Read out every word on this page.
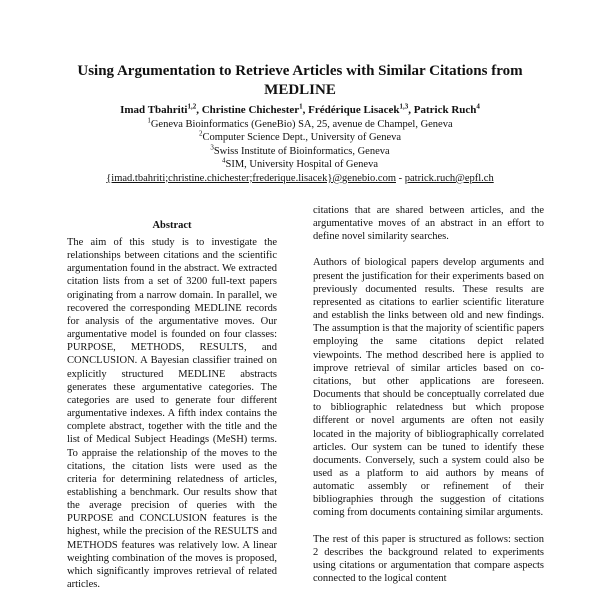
Using Argumentation to Retrieve Articles with Similar Citations from MEDLINE
Imad Tbahriti$^{1,2}$, Christine Chichester$^1$, Frédérique Lisacek$^{1,3}$, Patrick Ruch$^4$
$^1$Geneva Bioinformatics (GeneBio) SA, 25, avenue de Champel, Geneva
$^2$Computer Science Dept., University of Geneva
$^3$Swiss Institute of Bioinformatics, Geneva
$^4$SIM, University Hospital of Geneva
{imad.tbahriti;christine.chichester;frederique.lisacek}@genebio.com - patrick.ruch@epfl.ch
Abstract

The aim of this study is to investigate the relationships between citations and the scientific argumentation found in the abstract. We extracted citation lists from a set of 3200 full-text papers originating from a narrow domain. In parallel, we recovered the corresponding MEDLINE records for analysis of the argumentative moves. Our argumentative model is founded on four classes: PURPOSE, METHODS, RESULTS, and CONCLUSION. A Bayesian classifier trained on explicitly structured MEDLINE abstracts generates these argumentative categories. The categories are used to generate four different argumentative indexes. A fifth index contains the complete abstract, together with the title and the list of Medical Subject Headings (MeSH) terms. To appraise the relationship of the moves to the citations, the citation lists were used as the criteria for determining relatedness of articles, establishing a benchmark. Our results show that the average precision of queries with the PURPOSE and CONCLUSION features is the highest, while the precision of the RESULTS and METHODS features was relatively low. A linear weighting combination of the moves is proposed, which significantly improves retrieval of related articles.

citations that are shared between articles, and the argumentative moves of an abstract in an effort to define novel similarity searches.

Authors of biological papers develop arguments and present the justification for their experiments based on previously documented results. These results are represented as citations to earlier scientific literature and establish the links between old and new findings. The assumption is that the majority of scientific papers employing the same citations depict related viewpoints. The method described here is applied to improve retrieval of similar articles based on co-citations, but other applications are foreseen. Documents that should be conceptually correlated due to bibliographic relatedness but which propose different or novel arguments are often not easily located in the majority of bibliographically correlated articles. Our system can be tuned to identify these documents. Conversely, such a system could also be used as a platform to aid authors by means of automatic assembly or refinement of their bibliographies through the suggestion of citations coming from documents containing similar arguments.

The rest of this paper is structured as follows: section 2 describes the background related to experiments using citations or argumentation that compare aspects connected to the logical content
